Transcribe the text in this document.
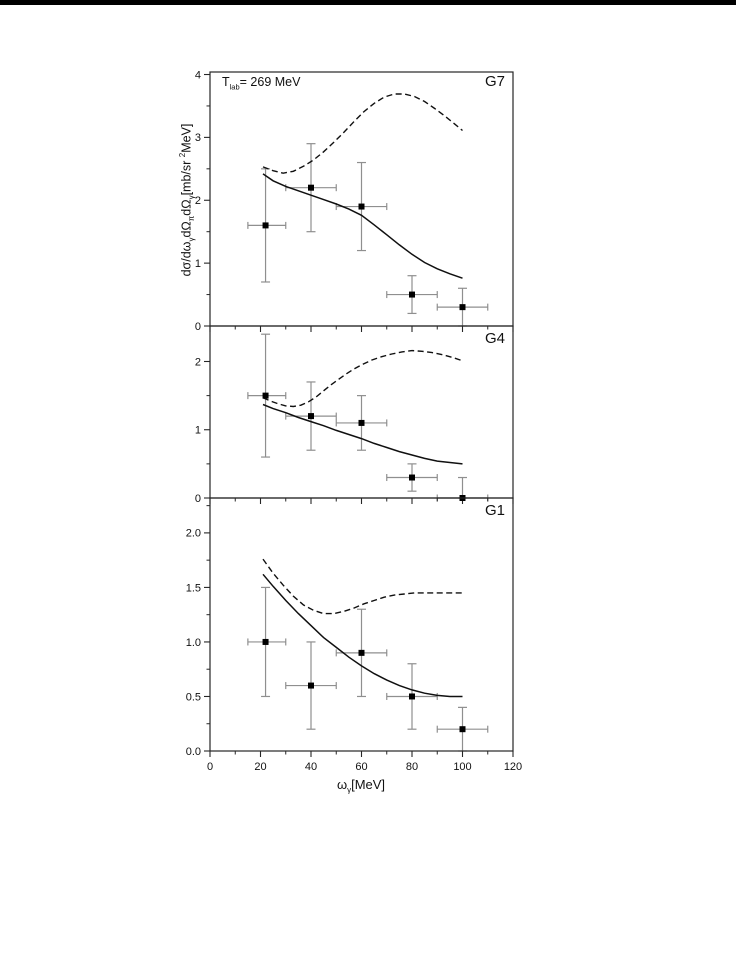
0
1
2
3
4
0
1
2
0.0
0.5
1.0
1.5
2.0
0	20	40	60	80	100	120
$T_{lab}= 269$ MeV	G7
G4
G1
$d\sigma/d\omega_\gamma d\Omega_\pi d\Omega_\gamma[mb/sr$ $^2$MeV]
$\omega_\gamma[MeV]$
